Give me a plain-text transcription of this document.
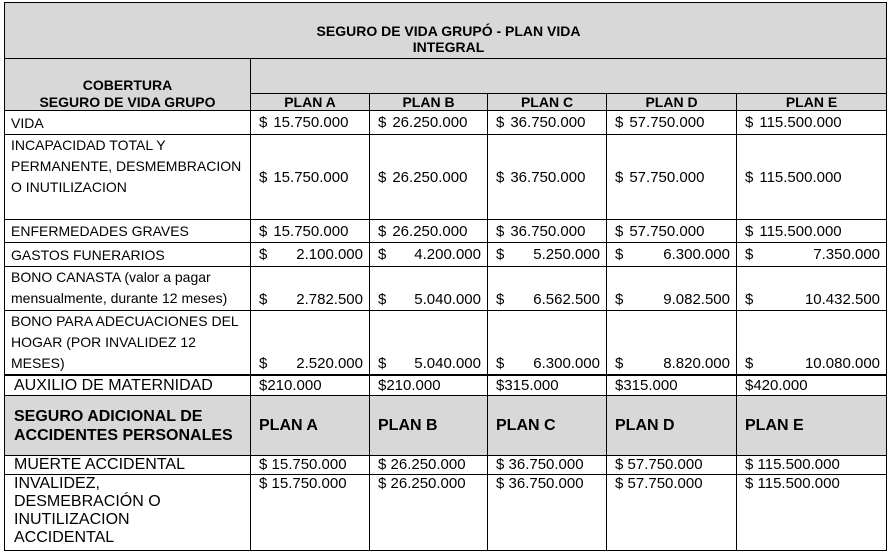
SEGURO DE VIDA GRUPÓ - PLAN VIDA
INTEGRAL					

COBERTURA					
SEGURO DE VIDA GRUPO	PLAN A	PLAN B	PLAN C	PLAN D	PLAN E
VIDA	$ 15.750.000	$ 26.250.000	$ 36.750.000	$ 57.750.000	$ 115.500.000

INCAPACIDAD TOTAL Y PERMANENTE, DESMEMBRACION O INUTILIZACION	$ 15.750.000	$ 26.250.000	$ 36.750.000	$ 57.750.000	$ 115.500.000

ENFERMEDADES GRAVES	$ 15.750.000	$ 26.250.000	$ 36.750.000	$ 57.750.000	$ 115.500.000

GASTOS FUNERARIOS	$ 2.100.000	$ 4.200.000	$ 5.250.000	$ 6.300.000	$ 7.350.000

BONO CANASTA (valor a pagar mensualmente, durante 12 meses)	$ 2.782.500	$ 5.040.000	$ 6.562.500	$ 9.082.500	$ 10.432.500

BONO PARA ADECUACIONES DEL HOGAR (POR INVALIDEZ 12 MESES)	$ 2.520.000	$ 5.040.000	$ 6.300.000	$ 8.820.000	$ 10.080.000
AUXILIO DE MATERNIDAD	$210.000	$210.000	$315.000	$315.000	$420.000
SEGURO ADICIONAL DE ACCIDENTES PERSONALES	PLAN A	PLAN B	PLAN C	PLAN D	PLAN E
MUERTE ACCIDENTAL	$ 15.750.000	$ 26.250.000	$ 36.750.000	$ 57.750.000	$ 115.500.000
INVALIDEZ, DESMEBRACIÓN O INUTILIZACION ACCIDENTAL	$ 15.750.000	$ 26.250.000	$ 36.750.000	$ 57.750.000	$ 115.500.000
